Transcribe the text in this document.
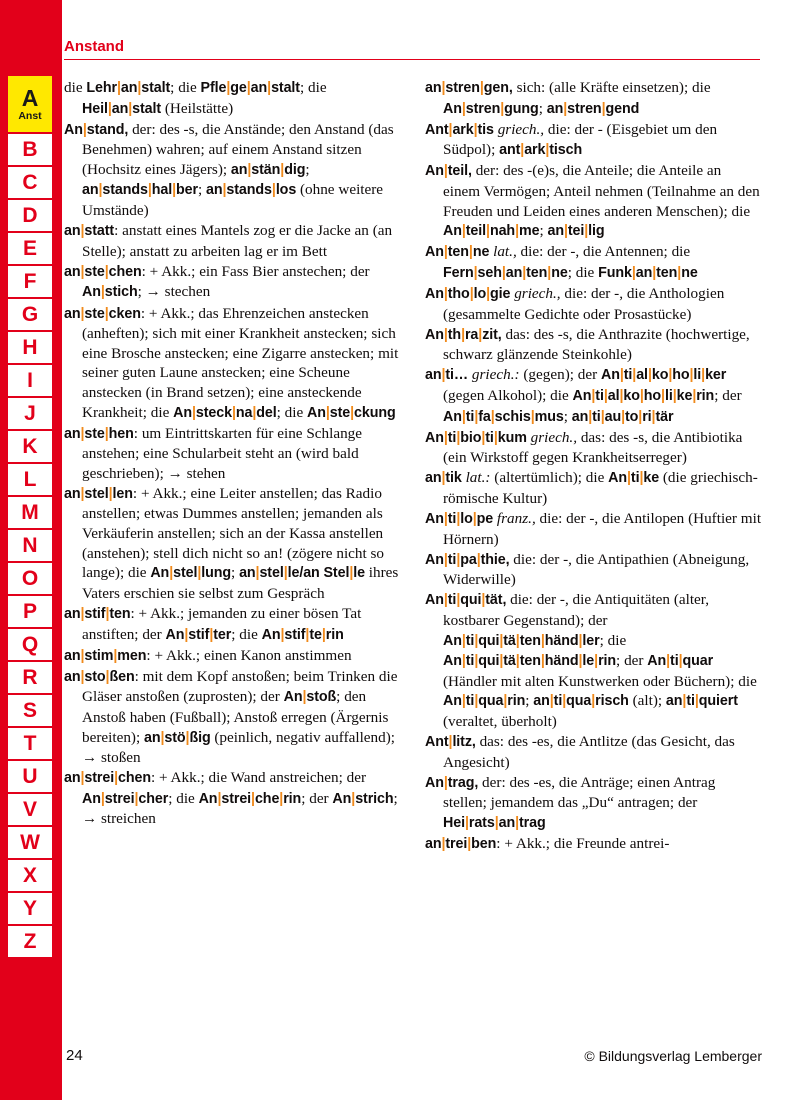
A
Anst
B
C
D
E
F
G
H
I
J
K
L
M
N
O
P
Q
R
S
T
U
V
W
X
Y
Z
Anstand
die Lehr|an|stalt; die Pfle|ge|an|stalt; die Heil|an|stalt (Heilstätte)
An|stand, der: des -s, die Anstände; den Anstand (das Benehmen) wahren; auf einem Anstand sitzen (Hochsitz eines Jägers); an|stän|dig; an|stands|hal|ber; an|stands|los (ohne weitere Umstände)
an|statt: anstatt eines Mantels zog er die Jacke an (an Stelle); anstatt zu arbeiten lag er im Bett
an|ste|chen: + Akk.; ein Fass Bier anstechen; der An|stich; → stechen
an|ste|cken: + Akk.; das Ehrenzeichen anstecken (anheften); sich mit einer Krankheit anstecken; sich eine Brosche anstecken; eine Zigarre anstecken; mit seiner guten Laune anstecken; eine Scheune anstecken (in Brand setzen); eine ansteckende Krankheit; die An|steck|na|del; die An|ste|ckung
an|ste|hen: um Eintrittskarten für eine Schlange anstehen; eine Schularbeit steht an (wird bald geschrieben); → stehen
an|stel|len: + Akk.; eine Leiter anstellen; das Radio anstellen; etwas Dummes anstellen; jemanden als Verkäuferin anstellen; sich an der Kassa anstellen (anstehen); stell dich nicht so an! (zögere nicht so lange); die An|stel|lung; an|stel|le/an Stel|le ihres Vaters erschien sie selbst zum Gespräch
an|stif|ten: + Akk.; jemanden zu einer bösen Tat anstiften; der An|stif|ter; die An|stif|te|rin
an|stim|men: + Akk.; einen Kanon anstimmen
an|sto|ßen: mit dem Kopf anstoßen; beim Trinken die Gläser anstoßen (zuprosten); der An|stoß; den Anstoß haben (Fußball); Anstoß erregen (Ärgernis bereiten); an|stö|ßig (peinlich, negativ auffallend); → stoßen
an|strei|chen: + Akk.; die Wand anstreichen; der An|strei|cher; die An|strei|che|rin; der An|strich; → streichen
an|stren|gen, sich: (alle Kräfte einsetzen); die An|stren|gung; an|stren|gend
Ant|ark|tis griech., die: der - (Eisgebiet um den Südpol); ant|ark|tisch
An|teil, der: des -(e)s, die Anteile; die Anteile an einem Vermögen; Anteil nehmen (Teilnahme an den Freuden und Leiden eines anderen Menschen); die An|teil|nah|me; an|tei|lig
An|ten|ne lat., die: der -, die Antennen; die Fern|seh|an|ten|ne; die Funk|an|ten|ne
An|tho|lo|gie griech., die: der -, die Anthologien (gesammelte Gedichte oder Prosastücke)
An|th|ra|zit, das: des -s, die Anthrazite (hochwertige, schwarz glänzende Steinkohle)
an|ti… griech.: (gegen); der An|ti|al|ko|ho|li|ker (gegen Alkohol); die An|ti|al|ko|ho|li|ke|rin; der An|ti|fa|schis|mus; an|ti|au|to|ri|tär
An|ti|bio|ti|kum griech., das: des -s, die Antibiotika (ein Wirkstoff gegen Krankheitserreger)
an|tik lat.: (altertümlich); die An|ti|ke (die griechisch-römische Kultur)
An|ti|lo|pe franz., die: der -, die Antilopen (Huftier mit Hörnern)
An|ti|pa|thie, die: der -, die Antipathien (Abneigung, Widerwille)
An|ti|qui|tät, die: der -, die Antiquitäten (alter, kostbarer Gegenstand); der An|ti|qui|tä|ten|händ|ler; die An|ti|qui|tä|ten|händ|le|rin; der An|ti|quar (Händler mit alten Kunstwerken oder Büchern); die An|ti|qua|rin; an|ti|qua|risch (alt); an|ti|quiert (veraltet, überholt)
Ant|litz, das: des -es, die Antlitze (das Gesicht, das Angesicht)
An|trag, der: des -es, die Anträge; einen Antrag stellen; jemandem das „Du“ antragen; der Hei|rats|an|trag
an|trei|ben: + Akk.; die Freunde antrei-
24	© Bildungsverlag Lemberger
